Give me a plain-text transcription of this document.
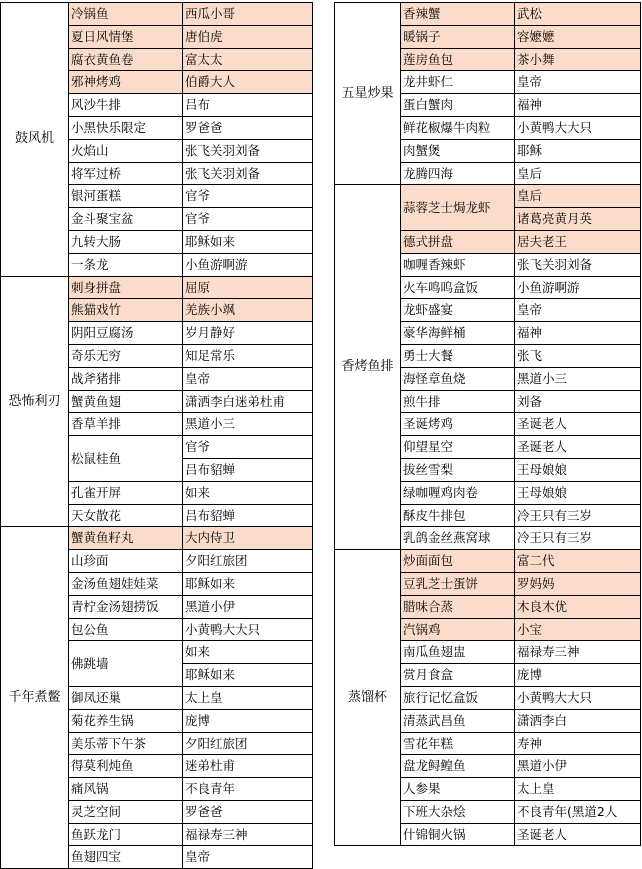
鼓风机	冷锅鱼	西瓜小哥
	夏日风情堡	唐伯虎
	腐衣黄鱼卷	富太太
	邪神烤鸡	伯爵大人
	风沙牛排	吕布
	小黑快乐限定	罗爸爸
	火焰山	张飞关羽刘备
	将军过桥	张飞关羽刘备
	银河蛋糕	官爷
	金斗聚宝盆	官爷
	九转大肠	耶稣如来
	一条龙	小鱼游啊游
恐怖利刃	刺身拼盘	屈原
	熊猫戏竹	羌族小飒
	阴阳豆腐汤	岁月静好
	奇乐无穷	知足常乐
	战斧猪排	皇帝
	蟹黄鱼翅	潇洒李白迷弟杜甫
	香草羊排	黑道小三
	松鼠桂鱼	官爷
		吕布貂蝉
	孔雀开屏	如来
	天女散花	吕布貂蝉
千年煮鳖	蟹黄鱼籽丸	大内侍卫
	山珍面	夕阳红旅团
	金汤鱼翅娃娃菜	耶稣如来
	青柠金汤翅捞饭	黑道小伊
	包公鱼	小黄鸭大大只
	佛跳墙	如来
		耶稣如来
	御凤还巢	太上皇
	菊花养生锅	庞博
	美乐蒂下午茶	夕阳红旅团
	得莫利炖鱼	迷弟杜甫
	痛风锅	不良青年
	灵芝空间	罗爸爸
	鱼跃龙门	福禄寿三神
	鱼翅四宝	皇帝
五星炒果	香辣蟹	武松
	暖锅子	容嬷嬷
	莲房鱼包	茶小舞
	龙井虾仁	皇帝
	蛋白蟹肉	福神
	鲜花椒爆牛肉粒	小黄鸭大大只
	肉蟹煲	耶稣
	龙腾四海	皇后
香烤鱼排	蒜蓉芝士焗龙虾	皇后
		诸葛亮黄月英
	德式拼盘	居夫老王
	咖喱香辣虾	张飞关羽刘备
	火车鸣呜盒饭	小鱼游啊游
	龙虾盛宴	皇帝
	豪华海鲜桶	福神
	勇士大餐	张飞
	海怪章鱼烧	黑道小三
	煎牛排	刘备
	圣诞烤鸡	圣诞老人
	仰望星空	圣诞老人
	拔丝雪梨	王母娘娘
	绿咖喱鸡肉卷	王母娘娘
	酥皮牛排包	冷王只有三岁
	乳鸽金丝燕窝球	冷王只有三岁
蒸馏杯	炒面面包	富二代
	豆乳芝士蛋饼	罗妈妈
	腊味合蒸	木良木优
	汽锅鸡	小宝
	南瓜鱼翅盅	福禄寿三神
	赏月食盒	庞博
	旅行记忆盒饭	小黄鸭大大只
	清蒸武昌鱼	潇洒李白
	雪花年糕	寿神
	盘龙鲟鳇鱼	黑道小伊
	人参果	太上皇
	下班大杂烩	不良青年(黑道2人
	什锦铜火锅	圣诞老人
